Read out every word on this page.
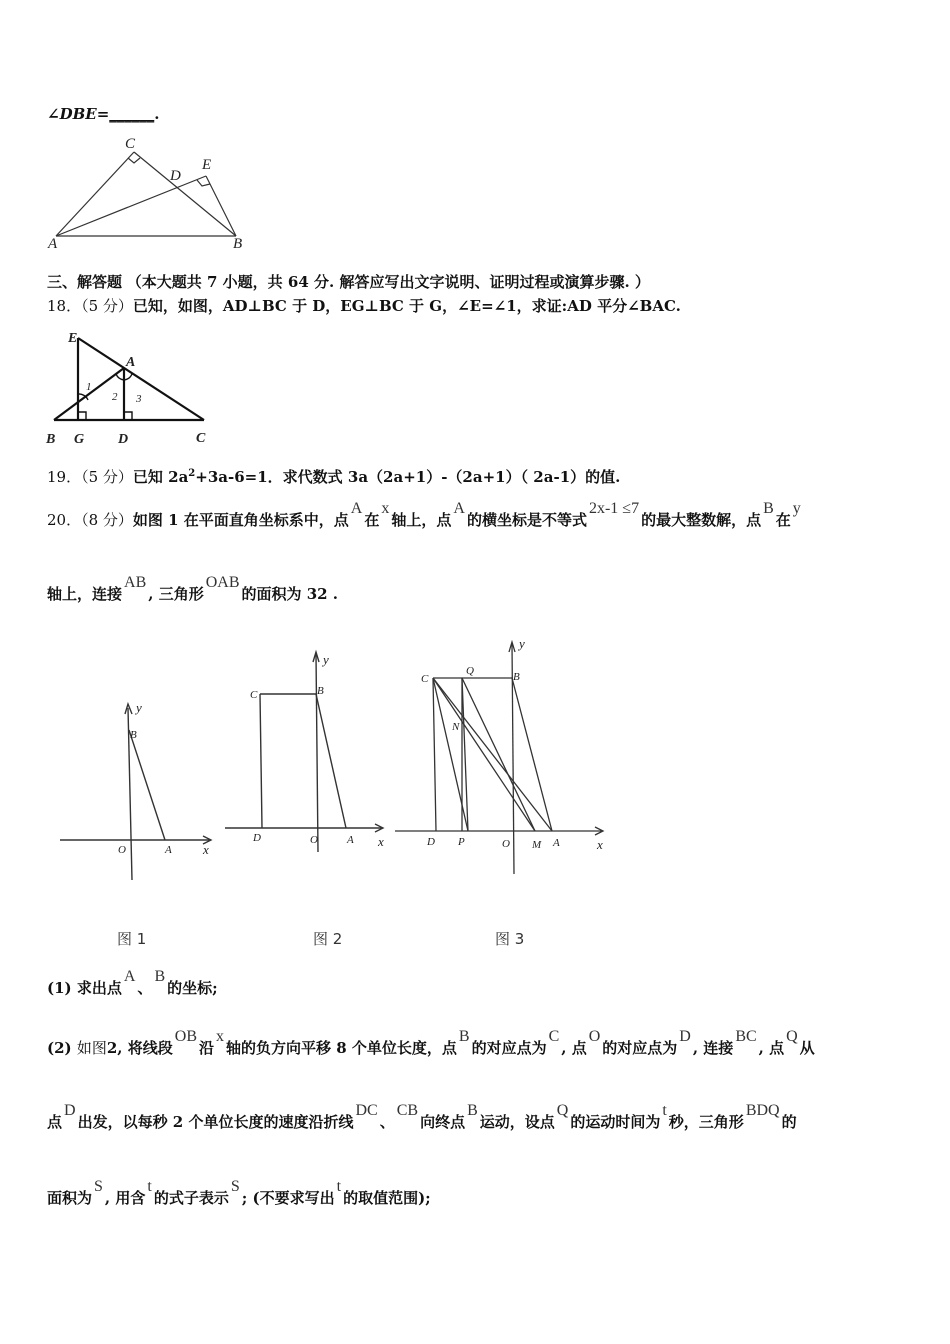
∠DBE=______.
C
D
E
A	B
三、解答题 （本大题共 7 小题，共 64 分. 解答应写出文字说明、证明过程或演算步骤. ）
18．（5 分）已知，如图，AD⊥BC 于 D，EG⊥BC 于 G，∠E=∠1，求证:AD 平分∠BAC.
E
A
1
2 3
B G D	C
19．（5 分）已知 $2a^2+3a-6=1$．求代数式 3a（2a+1）-（2a+1）（ 2a-1）的值.
20．（8 分）如图 1 在平面直角坐标系中，点A在x轴上，点A的横坐标是不等式2x-1 ≤7的最大整数解，点B在y
轴上，连接AB, 三角形OAB的面积为 32 .
y
B
O	A x
图 1
y
C	B
D	O	A x
图 2
y
C
Q	B
N
D P	O M A	x
图 3
(1) 求出点A、B的坐标;
(2) 如图2, 将线段OB沿x轴的负方向平移 8 个单位长度，点B的对应点为C, 点O的对应点为D, 连接BC, 点Q从
点D出发，以每秒 2 个单位长度的速度沿折线DC、CB向终点B运动，设点Q的运动时间为t秒，三角形BDQ的
面积为S, 用含t的式子表示S; (不要求写出t的取值范围);
